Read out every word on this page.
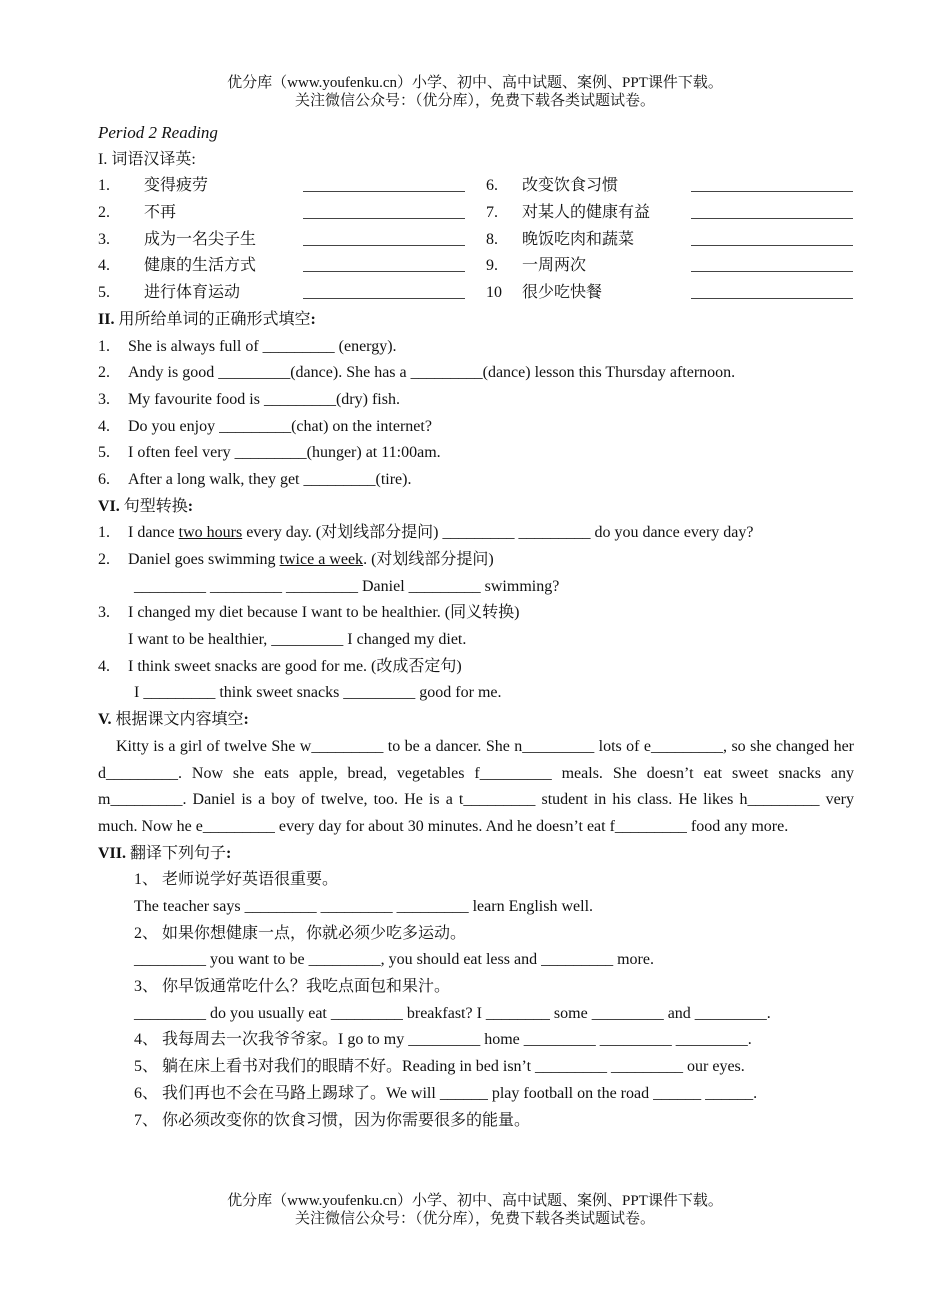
优分库（www.youfenku.cn）小学、初中、高中试题、案例、PPT课件下载。
关注微信公众号：（优分库），免费下载各类试题试卷。
Period 2 Reading
I. 词语汉译英:
1. 变得疲劳	6. 改变饮食习惯
2. 不再	7. 对某人的健康有益
3. 成为一名尖子生	8. 晚饭吃肉和蔬菜
4. 健康的生活方式	9. 一周两次
5. 进行体育运动	10 很少吃快餐
II. 用所给单词的正确形式填空:
1. She is always full of _________ (energy).
2. Andy is good _________(dance). She has a _________(dance) lesson this Thursday afternoon.
3. My favourite food is _________(dry) fish.
4. Do you enjoy _________(chat) on the internet?
5. I often feel very _________(hunger) at 11:00am.
6. After a long walk, they get _________(tire).
VI. 句型转换:
1. I dance two hours every day. (对划线部分提问) _________ _________ do you dance every day?
2. Daniel goes swimming twice a week. (对划线部分提问)
_________ _________ _________ Daniel _________ swimming?
3. I changed my diet because I want to be healthier. (同义转换)
I want to be healthier, _________ I changed my diet.
4. I think sweet snacks are good for me. (改成否定句)
I _________ think sweet snacks _________ good for me.
V. 根据课文内容填空:
Kitty is a girl of twelve She w_________ to be a dancer. She n_________ lots of e_________, so she changed her d_________. Now she eats apple, bread, vegetables f_________ meals. She doesn’t eat sweet snacks any m_________. Daniel is a boy of twelve, too. He is a t_________ student in his class. He likes h_________ very much. Now he e_________ every day for about 30 minutes. And he doesn’t eat f_________ food any more.
VII. 翻译下列句子:
1、 老师说学好英语很重要。
The teacher says _________ _________ _________ learn English well.
2、 如果你想健康一点，你就必须少吃多运动。
_________ you want to be _________, you should eat less and _________ more.
3、 你早饭通常吃什么？我吃点面包和果汁。
_________ do you usually eat _________ breakfast? I ________ some _________ and _________.
4、 我每周去一次我爷爷家。I go to my _________ home _________ _________ _________.
5、 躺在床上看书对我们的眼睛不好。Reading in bed isn’t _________ _________ our eyes.
6、 我们再也不会在马路上踢球了。We will ______ play football on the road ______ ______.
7、 你必须改变你的饮食习惯，因为你需要很多的能量。
优分库（www.youfenku.cn）小学、初中、高中试题、案例、PPT课件下载。
关注微信公众号：（优分库），免费下载各类试题试卷。
